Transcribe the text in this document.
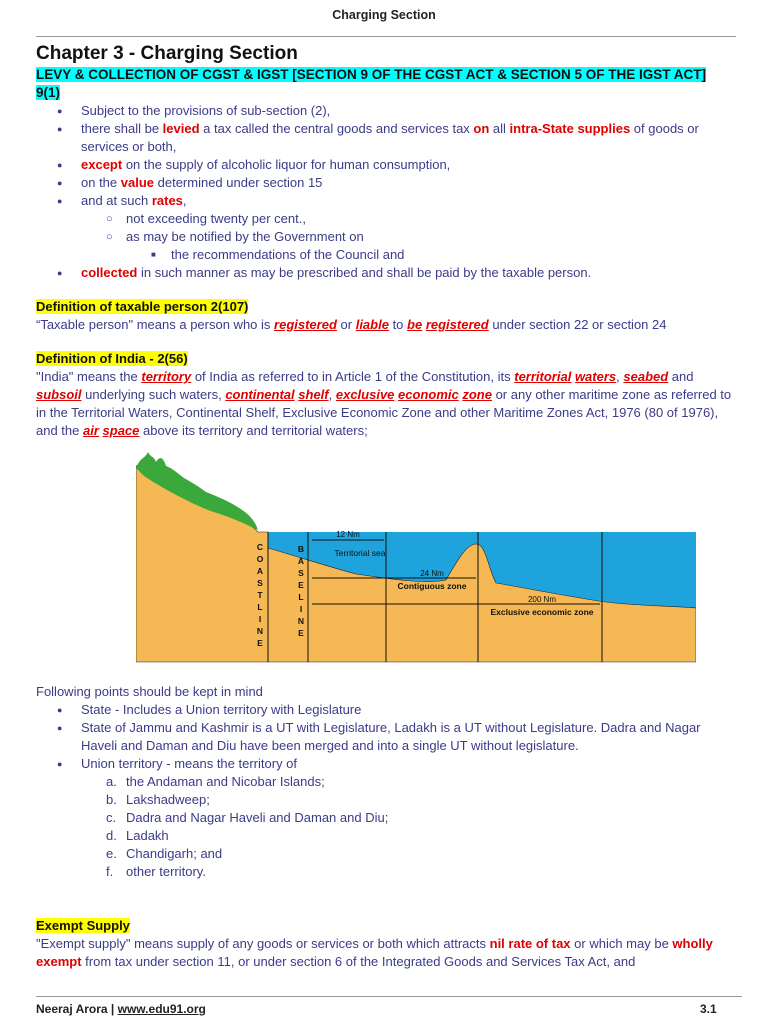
Charging Section
Chapter 3 - Charging Section
LEVY & COLLECTION OF CGST & IGST [SECTION 9 OF THE CGST ACT & SECTION 5 OF THE IGST ACT]
9(1)
● Subject to the provisions of sub-section (2),
● there shall be levied a tax called the central goods and services tax on all intra-State supplies of goods or services or both,
● except on the supply of alcoholic liquor for human consumption,
● on the value determined under section 15
● and at such rates,
○ not exceeding twenty per cent.,
○ as may be notified by the Government on
■ the recommendations of the Council and
● collected in such manner as may be prescribed and shall be paid by the taxable person.
Definition of taxable person 2(107)
“Taxable person" means a person who is registered or liable to be registered under section 22 or section 24
Definition of India - 2(56)
"India" means the territory of India as referred to in Article 1 of the Constitution, its territorial waters, seabed and subsoil underlying such waters, continental shelf, exclusive economic zone or any other maritime zone as referred to in the Territorial Waters, Continental Shelf, Exclusive Economic Zone and other Maritime Zones Act, 1976 (80 of 1976), and the air space above its territory and territorial waters;
C
O
A
S
T
L
I
N
E
B
A
S
E
L
I
N
E
12 Nm
Territorial sea
24 Nm
Contiguous zone
200 Nm
Exclusive economic zone
Following points should be kept in mind
● State - Includes a Union territory with Legislature
● State of Jammu and Kashmir is a UT with Legislature, Ladakh is a UT without Legislature. Dadra and Nagar Haveli and Daman and Diu have been merged and into a single UT without legislature.
● Union territory - means the territory of
a. the Andaman and Nicobar Islands;
b. Lakshadweep;
c. Dadra and Nagar Haveli and Daman and Diu;
d. Ladakh
e. Chandigarh; and
f. other territory.
Exempt Supply
"Exempt supply" means supply of any goods or services or both which attracts nil rate of tax or which may be wholly exempt from tax under section 11, or under section 6 of the Integrated Goods and Services Tax Act, and
Neeraj Arora | www.edu91.org	3.1
